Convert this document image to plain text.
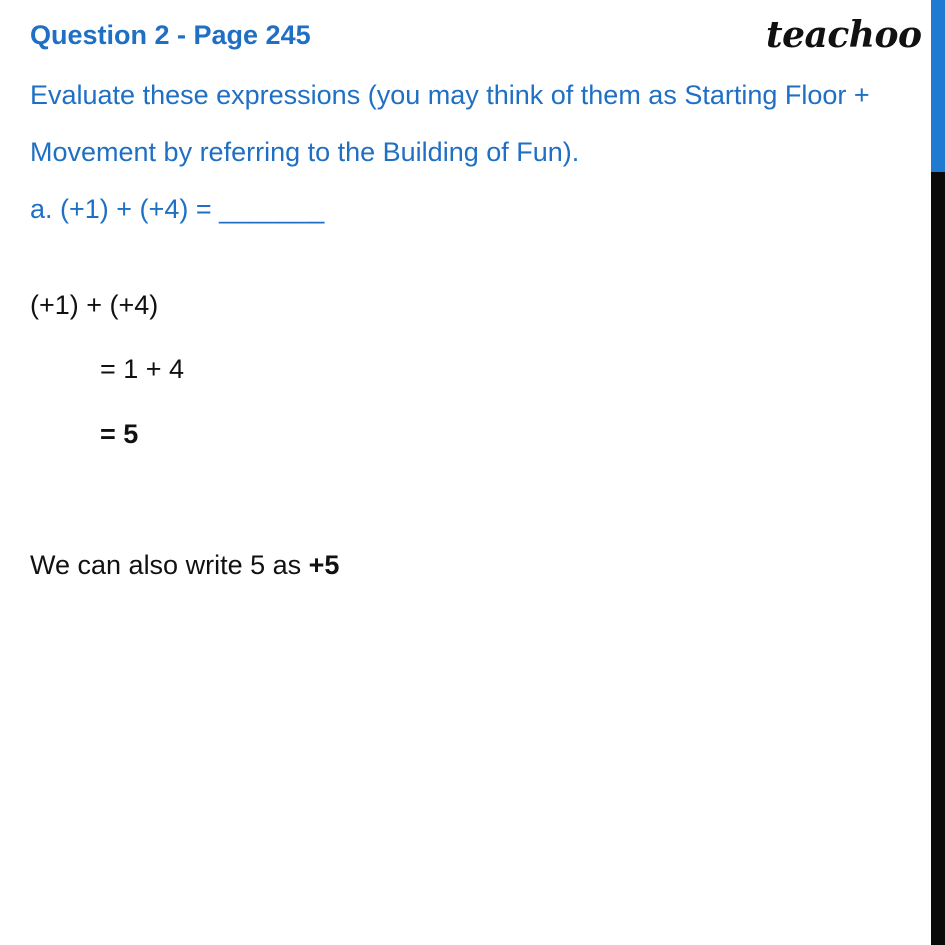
Question 2 - Page 245	teachoo
Evaluate these expressions (you may think of them as Starting Floor +
Movement by referring to the Building of Fun).
a. (+1) + (+4) = _______
(+1) + (+4)
= 1 + 4
= 5
We can also write 5 as +5
